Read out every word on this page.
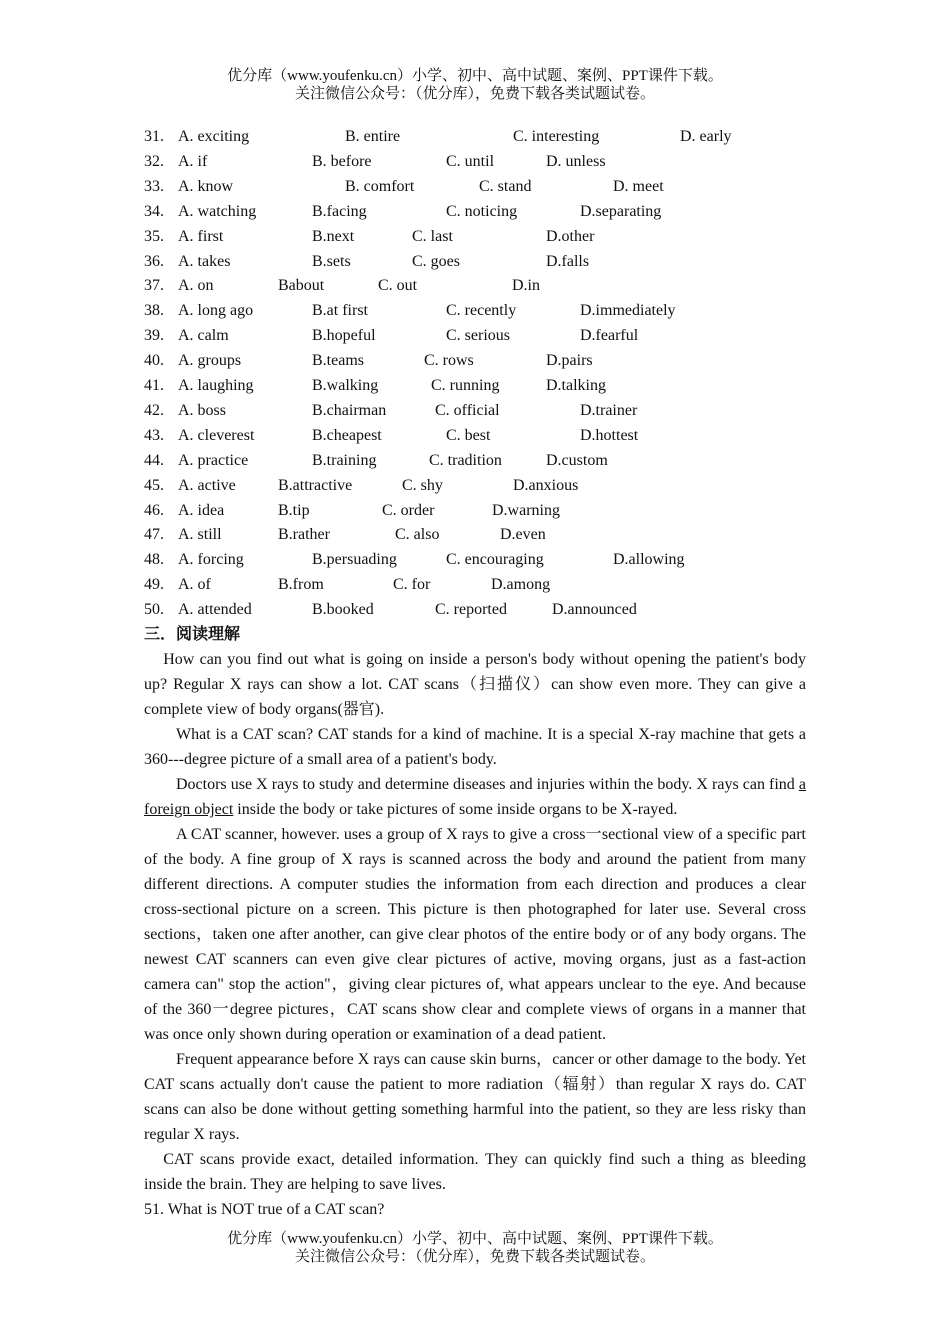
优分库（www.youfenku.cn）小学、初中、高中试题、案例、PPT课件下载。
关注微信公众号：（优分库），免费下载各类试题试卷。
31. A. exciting	B. entire	C. interesting	D. early
32. A. if	B. before	C. until	D. unless
33. A. know	B. comfort	C. stand	D. meet
34. A. watching	B.facing	C. noticing	D.separating
35. A. first	B.next	C. last	D.other
36. A. takes	B.sets	C. goes	D.falls
37. A. on	Babout	C. out	D.in
38. A. long ago	B.at first	C. recently	D.immediately
39. A. calm	B.hopeful	C. serious	D.fearful
40. A. groups	B.teams	C. rows	D.pairs
41. A. laughing	B.walking	C. running	D.talking
42. A. boss	B.chairman	C. official	D.trainer
43. A. cleverest	B.cheapest	C. best	D.hottest
44. A. practice	B.training	C. tradition	D.custom
45. A. active	B.attractive	C. shy	D.anxious
46. A. idea	B.tip	C. order	D.warning
47. A. still	B.rather	C. also	D.even
48. A. forcing	B.persuading	C. encouraging	D.allowing
49. A. of	B.from	C. for	D.among
50. A. attended	B.booked	C. reported	D.announced
三．阅读理解

How can you find out what is going on inside a person's body without opening the patient's body up? Regular X rays can show a lot. CAT scans（扫描仪）can show even more. They can give a complete view of body organs(器官).

What is a CAT scan? CAT stands for a kind of machine. It is a special X-ray machine that gets a 360---degree picture of a small area of a patient's body.

Doctors use X rays to study and determine diseases and injuries within the body. X rays can find a foreign object inside the body or take pictures of some inside organs to be X-rayed.

A CAT scanner, however. uses a group of X rays to give a cross一sectional view of a specific part of the body. A fine group of X rays is scanned across the body and around the patient from many different directions. A computer studies the information from each direction and produces a clear cross-sectional picture on a screen. This picture is then photographed for later use. Several cross sections，taken one after another, can give clear photos of the entire body or of any body organs. The newest CAT scanners can even give clear pictures of active, moving organs, just as a fast-action camera can" stop the action"，giving clear pictures of, what appears unclear to the eye. And because of the 360一degree pictures，CAT scans show clear and complete views of organs in a manner that was once only shown during operation or examination of a dead patient.

Frequent appearance before X rays can cause skin burns，cancer or other damage to the body. Yet CAT scans actually don't cause the patient to more radiation（辐射）than regular X rays do. CAT scans can also be done without getting something harmful into the patient, so they are less risky than regular X rays.

CAT scans provide exact, detailed information. They can quickly find such a thing as bleeding inside the brain. They are helping to save lives.

51. What is NOT true of a CAT scan?

优分库（www.youfenku.cn）小学、初中、高中试题、案例、PPT课件下载。
关注微信公众号：（优分库），免费下载各类试题试卷。
